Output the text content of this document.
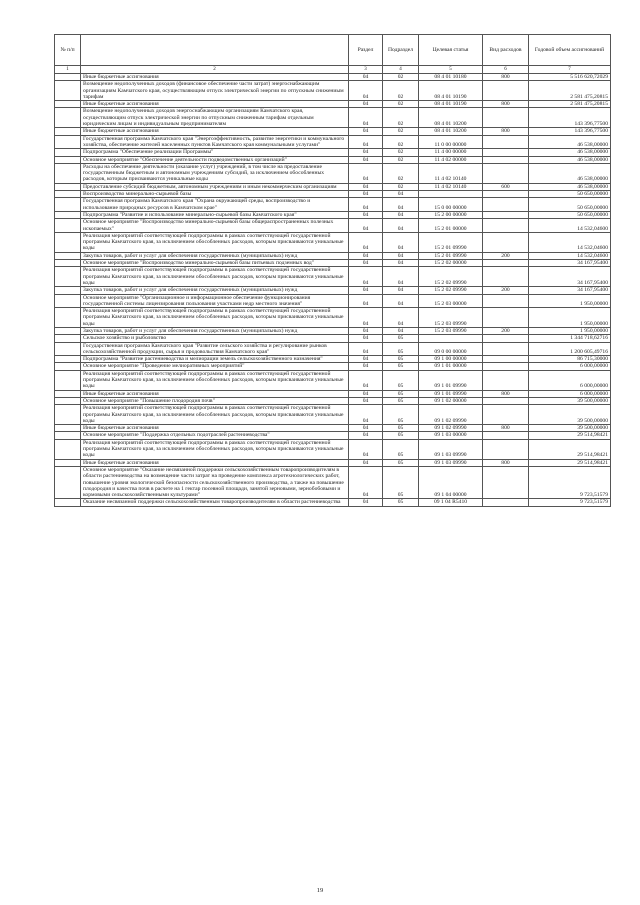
№ п/п		Раздел	Подраздел	Целевая статья	Вид расходов	Годовой объем ассигнований
1	2	3	4	5	6	7
	Иные бюджетные ассигнования	04	02	08 4 01 10180	800	5 516 620,72029
	Возмещение недополученных доходов (финансовое обеспечение части затрат) энергоснабжающим организациям Камчатского края, осуществляющим отпуск электрической энергии по отпускным снижениым тарифам	04	02	08 4 01 10190		2 581 475,20815
	Иные бюджетные ассигнования	04	02	08 4 01 10190	800	2 581 475,20815
	Возмещение недополученных доходов энергоснабжающим организациям Камчатского края, осуществляющим отпуск электрической энергии по отпускным сниженным тарифам отдельным юридическим лицам и индивидуальным предпринимателям	04	02	08 4 01 10200		143 396,77500
	Иные бюджетные ассигнования	04	02	08 4 01 10200	800	143 396,77500
	Государственная программа Камчатского края "Энергоэффективность, развитие энергетики и коммунального хозяйства, обеспечение жителей населенных пунктов Камчатского края коммунальными услугами"	04	02	11 0 00 00000		46 538,00000
	Подпрограмма "Обеспечение реализации Программы"	04	02	11 4 00 00000		46 538,00000
	Основное мероприятие "Обеспечение деятельности подведомственных организаций"	04	02	11 4 02 00000		46 538,00000
	Расходы на обеспечение деятельности (оказание услуг) учреждений, в том числе на предоставление государственным бюджетным и автономным учреждениям субсидий, за исключением обособленных расходов, которым присваиваются уникальные коды	04	02	11 4 02 10140		46 538,00000
	Предоставление субсидий бюджетным, автономным учреждениям и иным некоммерческим организациям	04	02	11 4 02 10140	600	46 538,00000
	Воспроизводство минерально-сырьевой базы	04	04			50 650,00000
	Государственная программа Камчатского края "Охрана окружающей среды, воспроизводство и использование природных ресурсов в Камчатском крае"	04	04	15 0 00 00000		50 650,00000
	Подпрограмма "Развитие и использование минерально-сырьевой базы Камчатского края"	04	04	15 2 00 00000		50 650,00000
	Основное мероприятие "Воспроизводство минерально-сырьевой базы общераспространенных полезных ископаемых"	04	04	15 2 01 00000		14 532,04600
	Реализация мероприятий соответствующей подпрограммы в рамках соответствующей государственной программы Камчатского края, за исключением обособленных расходов, которым присваиваются уникальные коды	04	04	15 2 01 09990		14 532,04600
	Закупка товаров, работ и услуг для обеспечения государственных (муниципальных) нужд	04	04	15 2 01 09990	200	14 532,04600
	Основное мероприятие "Воспроизводство минерально-сырьевой базы питьевых подземных вод"	04	04	15 2 02 00000		34 167,95400
	Реализация мероприятий соответствующей подпрограммы в рамках соответствующей государственной программы Камчатского края, за исключением обособленных расходов, которым присваиваются уникальные коды	04	04	15 2 02 09990		34 167,95400
	Закупка товаров, работ и услуг для обеспечения государственных (муниципальных) нужд	04	04	15 2 02 09990	200	34 167,95400
	Основное мероприятие "Организационное и информационное обеспечение функционирования государственной системы лицензирования пользования участками недр местного значения"	04	04	15 2 03 00000		1 950,00000
	Реализация мероприятий соответствующей подпрограммы в рамках соответствующей государственной программы Камчатского края, за исключением обособленных расходов, которым присваиваются уникальные коды	04	04	15 2 03 09990		1 950,00000
	Закупка товаров, работ и услуг для обеспечения государственных (муниципальных) нужд	04	04	15 2 03 09990	200	1 950,00000
	Сельское хозяйство и рыболовство	04	05			1 344 718,62716
	Государственная программа Камчатского края "Развитие сельского хозяйства и регулирование рынков сельскохозяйственной продукции, сырья и продовольствия Камчатского края"	04	05	09 0 00 00000		1 200 605,49716
	Подпрограмма "Развитие растениеводства и мелиорации земель сельскохозяйственного назначения"	04	05	09 1 00 00000		86 715,30000
	Основное мероприятие "Проведение мелиоративных мероприятий"	04	05	09 1 01 00000		6 000,00000
	Реализация мероприятий соответствующей подпрограммы в рамках соответствующей государственной программы Камчатского края, за исключением обособленных расходов, которым присваиваются уникальные коды	04	05	09 1 01 09990		6 000,00000
	Иные бюджетные ассигнования	04	05	09 1 01 09990	800	6 000,00000
	Основное мероприятие "Повышение плодородия почв"	04	05	09 1 02 00000		39 500,00000
	Реализация мероприятий соответствующей подпрограммы в рамках соответствующей государственной программы Камчатского края, за исключением обособленных расходов, которым присваиваются уникальные коды	04	05	09 1 02 09990		39 500,00000
	Иные бюджетные ассигнования	04	05	09 1 02 09990	800	39 500,00000
	Основное мероприятие "Поддержка отдельных подотраслей растениеводства"	04	05	09 1 03 00000		29 514,98421
	Реализация мероприятий соответствующей подпрограммы в рамках соответствующей государственной программы Камчатского края, за исключением обособленных расходов, которым присваиваются уникальные коды	04	05	09 1 03 09990		29 514,98421
	Иные бюджетные ассигнования	04	05	09 1 03 09990	800	29 514,98421
	Основное мероприятие "Оказание несвязанной поддержки сельскохозяйственным товаропроизводителям в области растениеводства на возмещение части затрат на проведение комплекса агротехнологических работ, повышение уровня экологической безопасности сельскохозяйственного производства, а также на повышение плодородия и качества почв в расчете на 1 гектар посевной площади, занятой зерновыми, зернобобовыми и кормовыми сельскохозяйственными культурами"	04	05	09 1 04 00000		9 723,51579
	Оказание несвязанной поддержки сельскохозяйственным товаропроизводителям в области растениеводства	04	05	09 1 04 R5410		9 723,51579
19
